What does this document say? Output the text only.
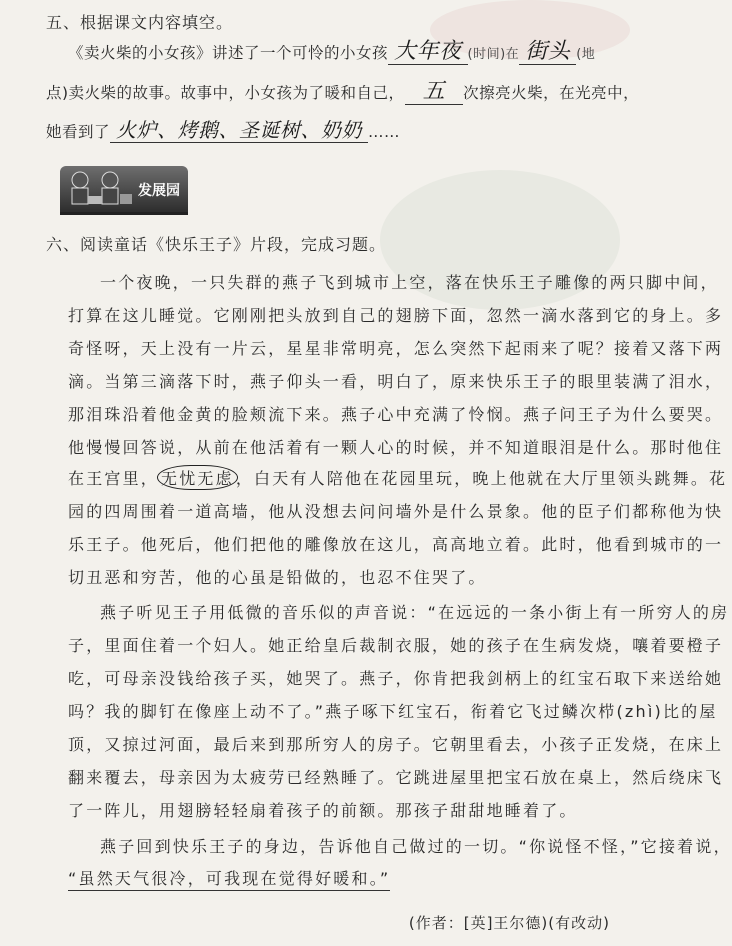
五、根据课文内容填空。
《卖火柴的小女孩》讲述了一个可怜的小女孩 大年夜 (时间)在 街头 (地
点)卖火柴的故事。故事中，小女孩为了暖和自己， 五 次擦亮火柴，在光亮中，
她看到了 火炉、烤鹅、圣诞树、奶奶 ……
发展园
六、阅读童话《快乐王子》片段，完成习题。
一个夜晚，一只失群的燕子飞到城市上空，落在快乐王子雕像的两只脚中间，
打算在这儿睡觉。它刚刚把头放到自己的翅膀下面，忽然一滴水落到它的身上。多
奇怪呀，天上没有一片云，星星非常明亮，怎么突然下起雨来了呢？接着又落下两
滴。当第三滴落下时，燕子仰头一看，明白了，原来快乐王子的眼里装满了泪水，
那泪珠沿着他金黄的脸颊流下来。燕子心中充满了怜悯。燕子问王子为什么要哭。
他慢慢回答说，从前在他活着有一颗人心的时候，并不知道眼泪是什么。那时他住
在王宫里， 无忧无虑 ，白天有人陪他在花园里玩，晚上他就在大厅里领头跳舞。花
园的四周围着一道高墙，他从没想去问问墙外是什么景象。他的臣子们都称他为快
乐王子。他死后，他们把他的雕像放在这儿，高高地立着。此时，他看到城市的一
切丑恶和穷苦，他的心虽是铅做的，也忍不住哭了。
燕子听见王子用低微的音乐似的声音说：“在远远的一条小街上有一所穷人的房
子，里面住着一个妇人。她正给皇后裁制衣服，她的孩子在生病发烧，嚷着要橙子
吃，可母亲没钱给孩子买，她哭了。燕子，你肯把我剑柄上的红宝石取下来送给她
吗？我的脚钉在像座上动不了。”燕子啄下红宝石，衔着它飞过鳞次栉(zhì)比的屋
顶，又掠过河面，最后来到那所穷人的房子。它朝里看去，小孩子正发烧，在床上
翻来覆去，母亲因为太疲劳已经熟睡了。它跳进屋里把宝石放在桌上，然后绕床飞
了一阵儿，用翅膀轻轻扇着孩子的前额。那孩子甜甜地睡着了。
燕子回到快乐王子的身边，告诉他自己做过的一切。“你说怪不怪，”它接着说，
“虽然天气很冷，可我现在觉得好暖和。”
(作者：[英]王尔德)(有改动)
